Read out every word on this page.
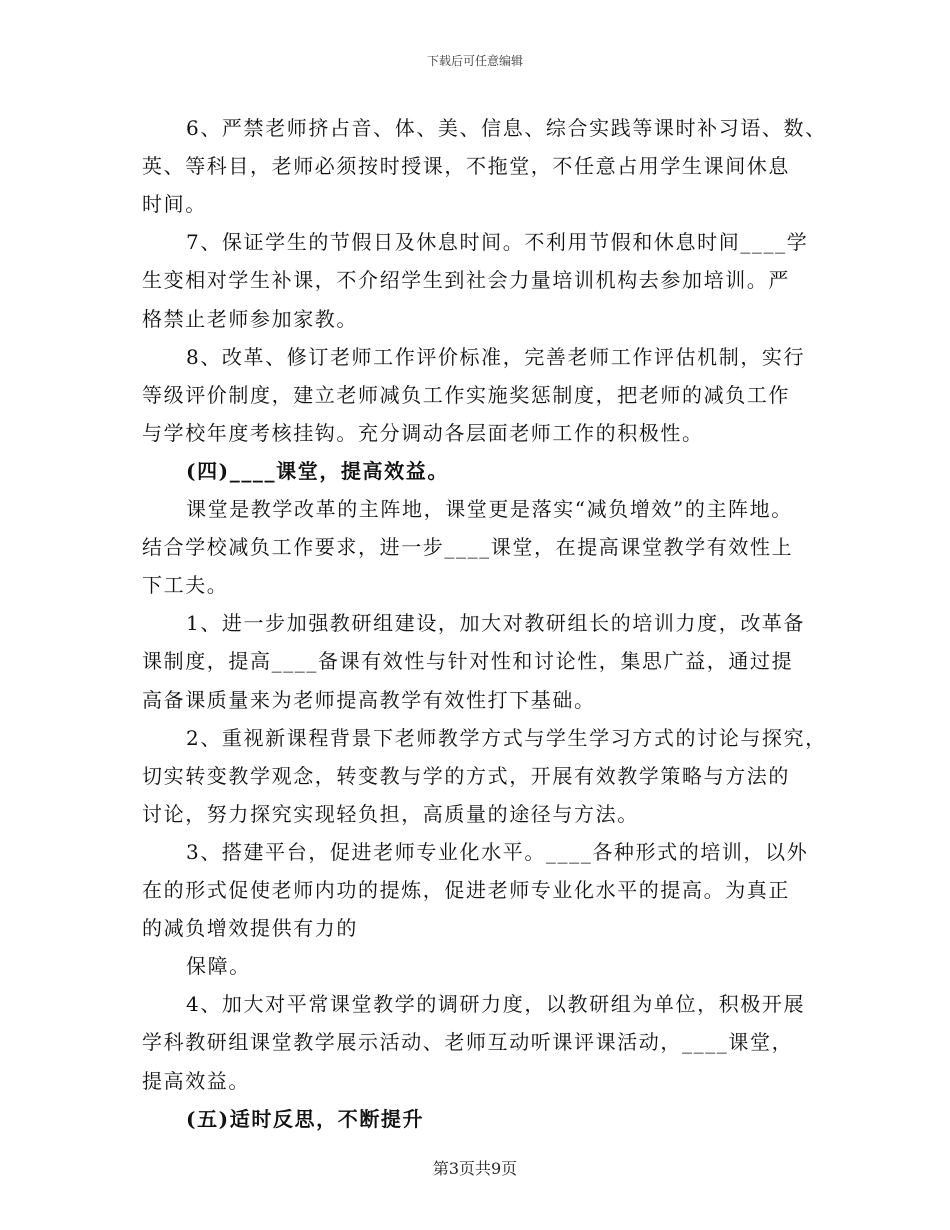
下载后可任意编辑
6、严禁老师挤占音、体、美、信息、综合实践等课时补习语、数、
英、等科目，老师必须按时授课，不拖堂，不任意占用学生课间休息
时间。
7、保证学生的节假日及休息时间。不利用节假和休息时间____学
生变相对学生补课，不介绍学生到社会力量培训机构去参加培训。严
格禁止老师参加家教。
8、改革、修订老师工作评价标准，完善老师工作评估机制，实行
等级评价制度，建立老师减负工作实施奖惩制度，把老师的减负工作
与学校年度考核挂钩。充分调动各层面老师工作的积极性。
(四)____课堂，提高效益。
课堂是教学改革的主阵地，课堂更是落实“减负增效”的主阵地。
结合学校减负工作要求，进一步____课堂，在提高课堂教学有效性上
下工夫。
1、进一步加强教研组建设，加大对教研组长的培训力度，改革备
课制度，提高____备课有效性与针对性和讨论性，集思广益，通过提
高备课质量来为老师提高教学有效性打下基础。
2、重视新课程背景下老师教学方式与学生学习方式的讨论与探究，
切实转变教学观念，转变教与学的方式，开展有效教学策略与方法的
讨论，努力探究实现轻负担，高质量的途径与方法。
3、搭建平台，促进老师专业化水平。____各种形式的培训，以外
在的形式促使老师内功的提炼，促进老师专业化水平的提高。为真正
的减负增效提供有力的
保障。
4、加大对平常课堂教学的调研力度，以教研组为单位，积极开展
学科教研组课堂教学展示活动、老师互动听课评课活动，____课堂，
提高效益。
(五)适时反思，不断提升
第3页共9页
